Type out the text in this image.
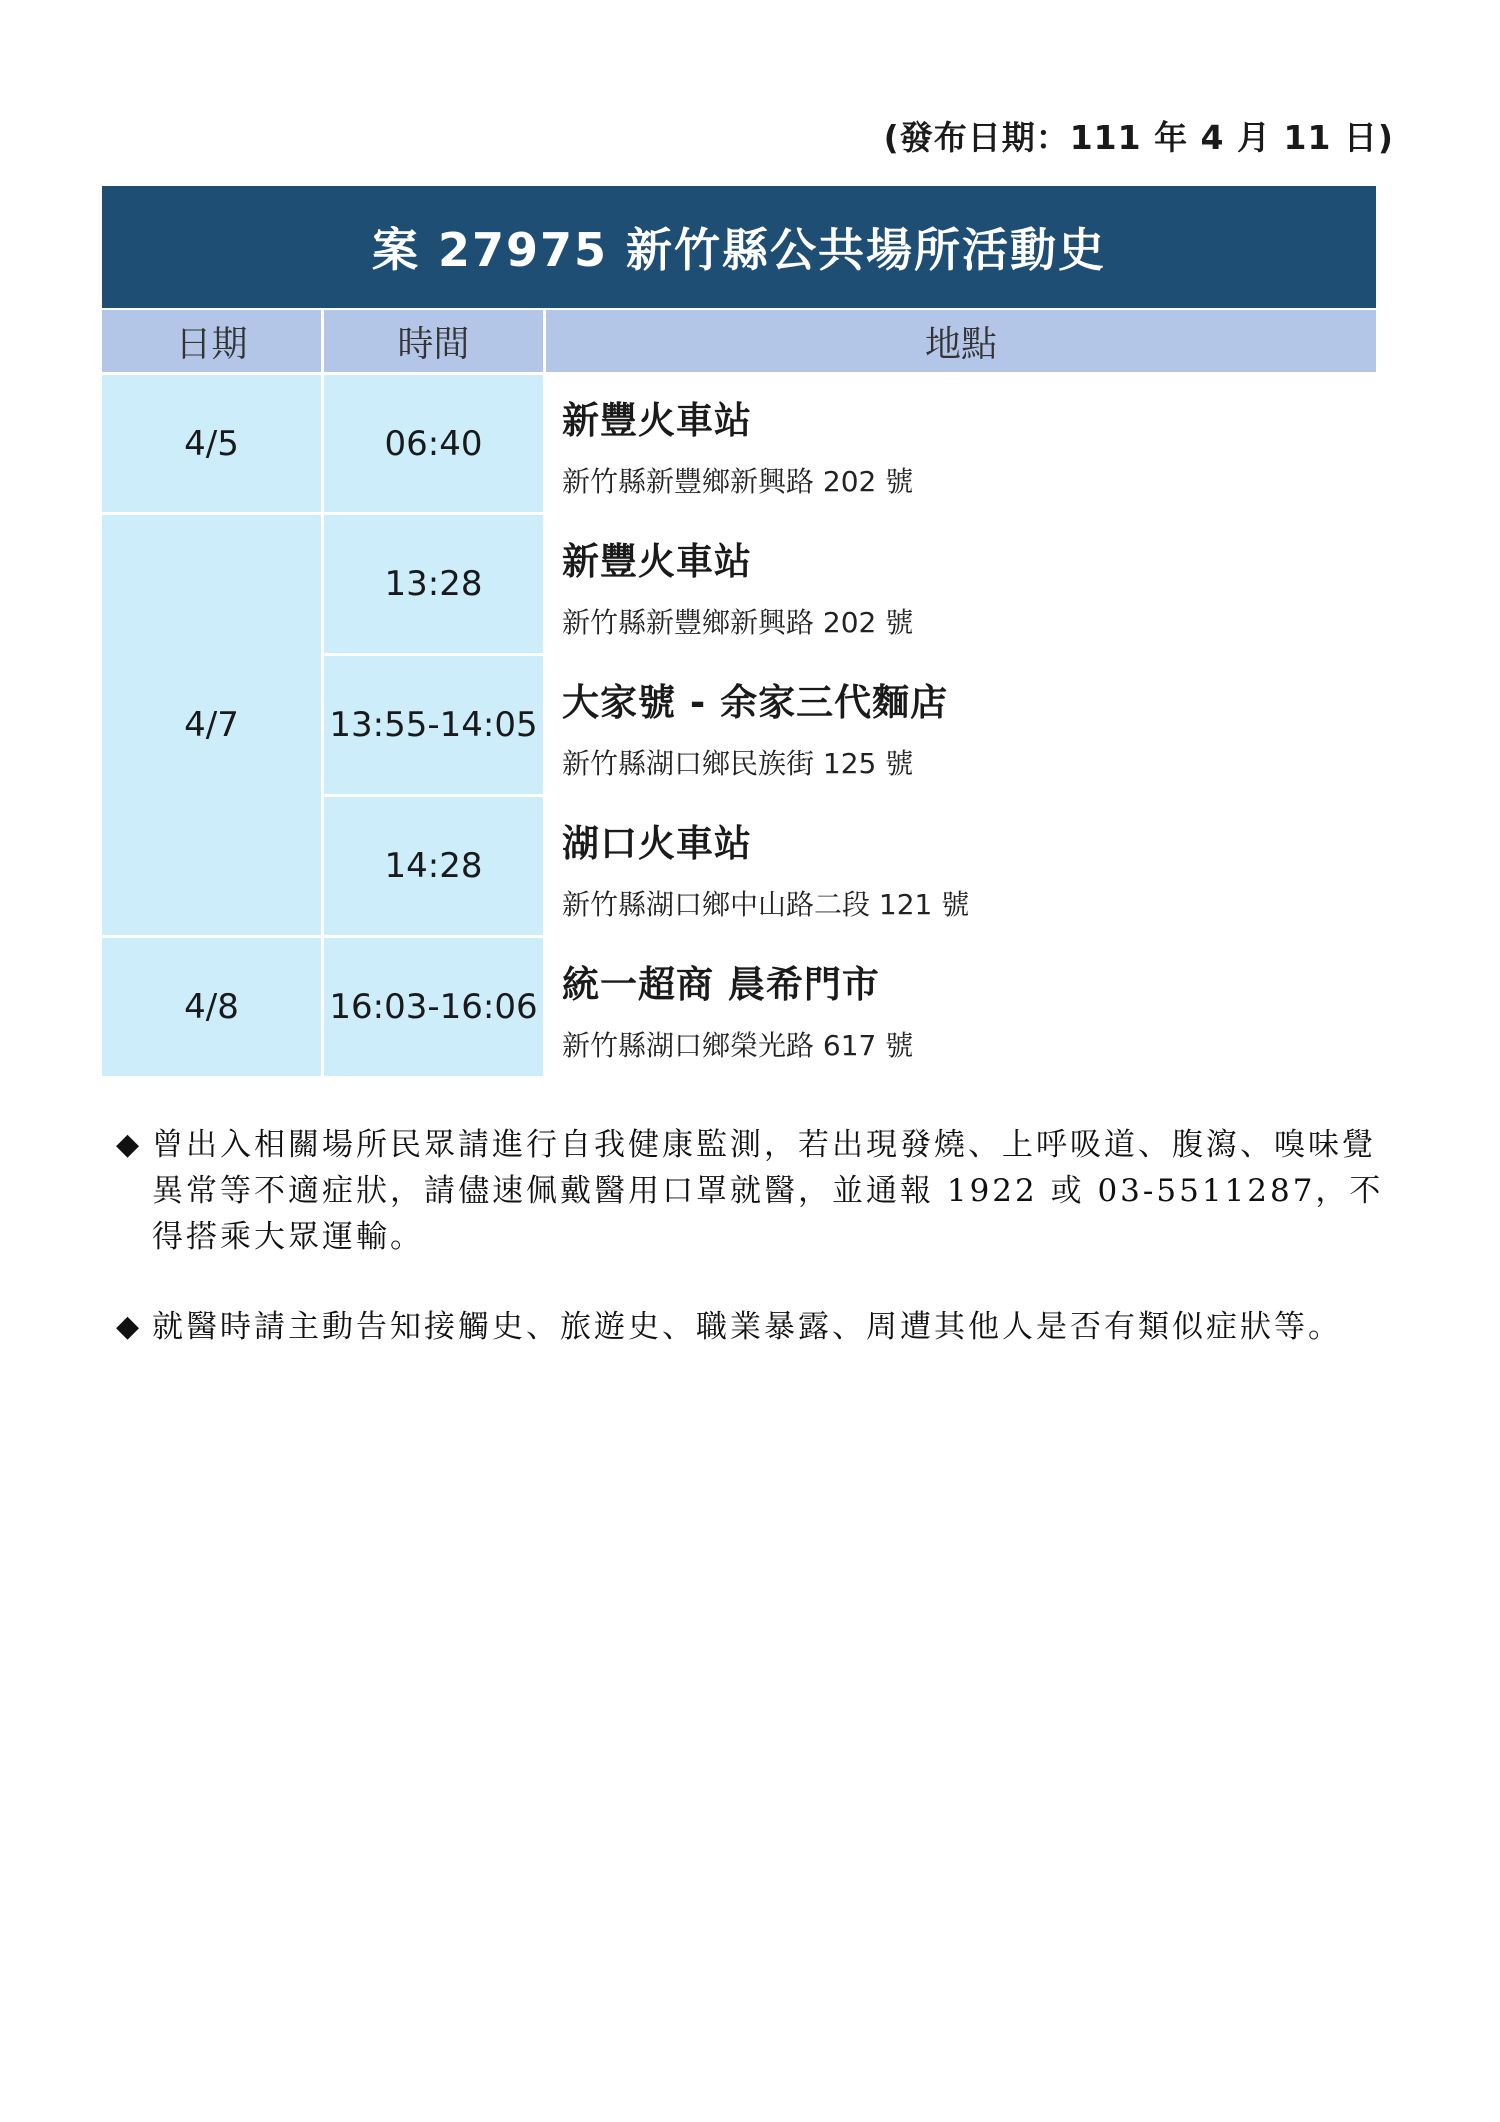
(發布日期：111 年 4 月 11 日)
案 27975 新竹縣公共場所活動史
日期	時間	地點
4/5
4/7
4/8
06:40
新豐火車站
新竹縣新豐鄉新興路 202 號
13:28
新豐火車站
新竹縣新豐鄉新興路 202 號
13:55-14:05
大家號 - 余家三代麵店
新竹縣湖口鄉民族街 125 號
14:28
湖口火車站
新竹縣湖口鄉中山路二段 121 號
16:03-16:06
統一超商 晨希門市
新竹縣湖口鄉榮光路 617 號
◆ 曾出入相關場所民眾請進行自我健康監測，若出現發燒、上呼吸道、腹瀉、嗅味覺異常等不適症狀，請儘速佩戴醫用口罩就醫，並通報 1922 或 03-5511287，不得搭乘大眾運輸。
◆ 就醫時請主動告知接觸史、旅遊史、職業暴露、周遭其他人是否有類似症狀等。
